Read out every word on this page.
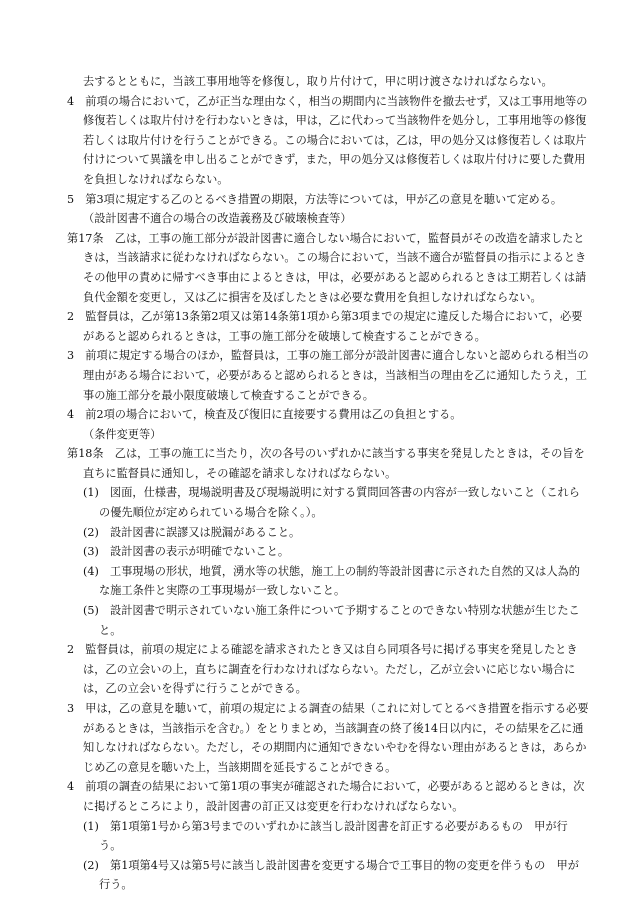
去するとともに，当該工事用地等を修復し，取り片付けて，甲に明け渡さなければならない。
4　前項の場合において，乙が正当な理由なく，相当の期間内に当該物件を撤去せず，又は工事用地等の修復若しくは取片付けを行わないときは，甲は，乙に代わって当該物件を処分し，工事用地等の修復若しくは取片付けを行うことができる。この場合においては，乙は，甲の処分又は修復若しくは取片付けについて異議を申し出ることができず，また，甲の処分又は修復若しくは取片付けに要した費用を負担しなければならない。
5　第3項に規定する乙のとるべき措置の期限，方法等については，甲が乙の意見を聴いて定める。
（設計図書不適合の場合の改造義務及び破壊検査等）
第17条　乙は，工事の施工部分が設計図書に適合しない場合において，監督員がその改造を請求したときは，当該請求に従わなければならない。この場合において，当該不適合が監督員の指示によるときその他甲の責めに帰すべき事由によるときは，甲は，必要があると認められるときは工期若しくは請負代金額を変更し，又は乙に損害を及ぼしたときは必要な費用を負担しなければならない。
2　監督員は，乙が第13条第2項又は第14条第1項から第3項までの規定に違反した場合において，必要があると認められるときは，工事の施工部分を破壊して検査することができる。
3　前項に規定する場合のほか，監督員は，工事の施工部分が設計図書に適合しないと認められる相当の理由がある場合において，必要があると認められるときは，当該相当の理由を乙に通知したうえ，工事の施工部分を最小限度破壊して検査することができる。
4　前2項の場合において，検査及び復旧に直接要する費用は乙の負担とする。
（条件変更等）
第18条　乙は，工事の施工に当たり，次の各号のいずれかに該当する事実を発見したときは，その旨を直ちに監督員に通知し，その確認を請求しなければならない。
(1)　図面，仕様書，現場説明書及び現場説明に対する質問回答書の内容が一致しないこと（これらの優先順位が定められている場合を除く。）。
(2)　設計図書に誤謬又は脱漏があること。
(3)　設計図書の表示が明確でないこと。
(4)　工事現場の形状，地質，湧水等の状態，施工上の制約等設計図書に示された自然的又は人為的な施工条件と実際の工事現場が一致しないこと。
(5)　設計図書で明示されていない施工条件について予期することのできない特別な状態が生じたこと。
2　監督員は，前項の規定による確認を請求されたとき又は自ら同項各号に掲げる事実を発見したときは，乙の立会いの上，直ちに調査を行わなければならない。ただし，乙が立会いに応じない場合には，乙の立会いを得ずに行うことができる。
3　甲は，乙の意見を聴いて，前項の規定による調査の結果（これに対してとるべき措置を指示する必要があるときは，当該指示を含む。）をとりまとめ，当該調査の終了後14日以内に，その結果を乙に通知しなければならない。ただし，その期間内に通知できないやむを得ない理由があるときは，あらかじめ乙の意見を聴いた上，当該期間を延長することができる。
4　前項の調査の結果において第1項の事実が確認された場合において，必要があると認めるときは，次に掲げるところにより，設計図書の訂正又は変更を行わなければならない。
(1)　第1項第1号から第3号までのいずれかに該当し設計図書を訂正する必要があるもの　甲が行う。
(2)　第1項第4号又は第5号に該当し設計図書を変更する場合で工事目的物の変更を伴うもの　甲が行う。
